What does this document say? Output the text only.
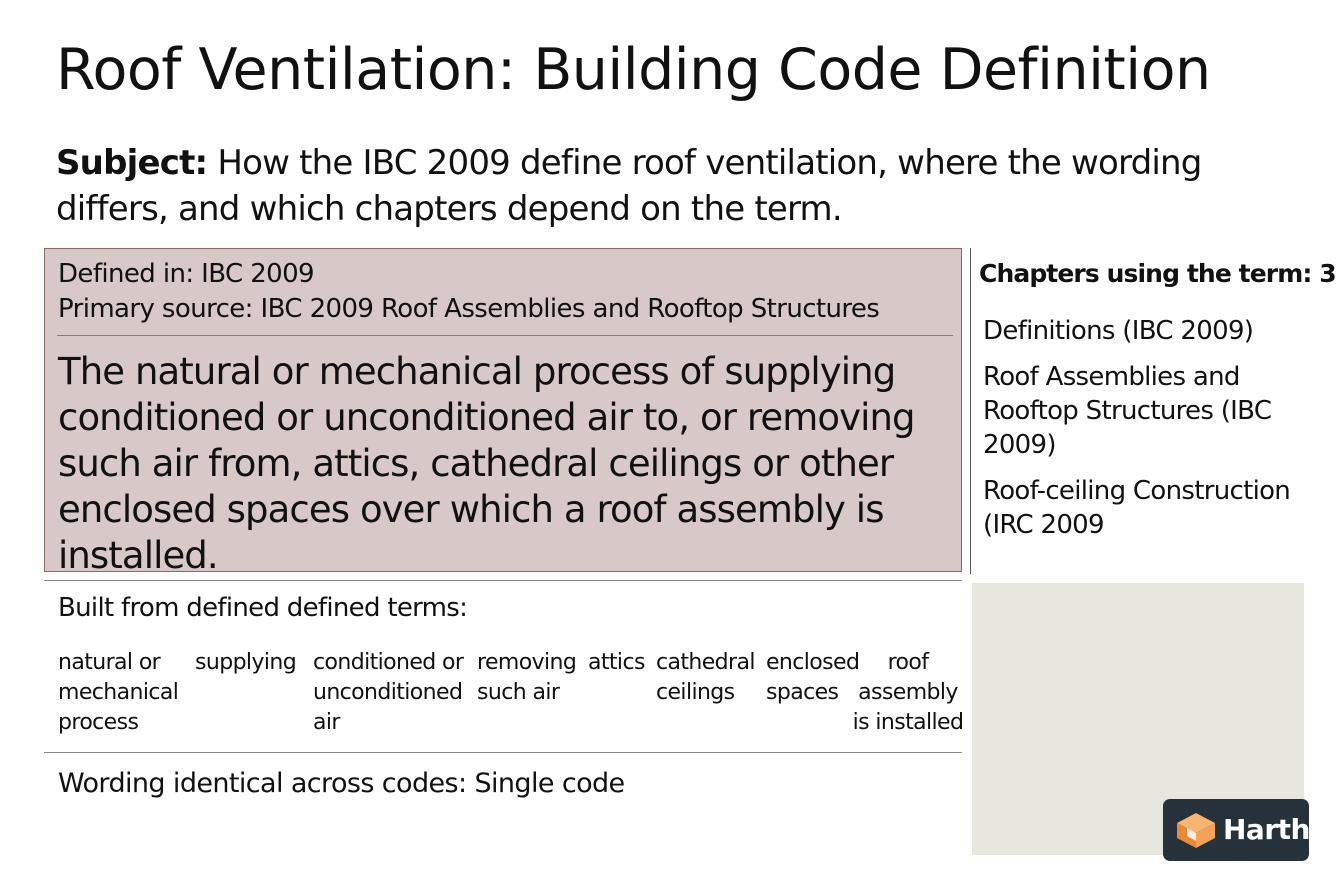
Roof Ventilation: Building Code Definition
Subject: How the IBC 2009 define roof ventilation, where the wording differs, and which chapters depend on the term.
Defined in: IBC 2009
Primary source: IBC 2009 Roof Assemblies and Rooftop Structures
The natural or mechanical process of supplying conditioned or unconditioned air to, or removing such air from, attics, cathedral ceilings or other enclosed spaces over which a roof assembly is installed.
Chapters using the term: 3
Definitions (IBC 2009)
Roof Assemblies and Rooftop Structures (IBC 2009)
Roof-ceiling Construction (IRC 2009
Built from defined defined terms:
natural or mechanical process
supplying conditioned or unconditioned air
removing such air
attics cathedral ceilings
enclosed spaces
roof assembly is installed
Wording identical across codes: Single code
Harth
